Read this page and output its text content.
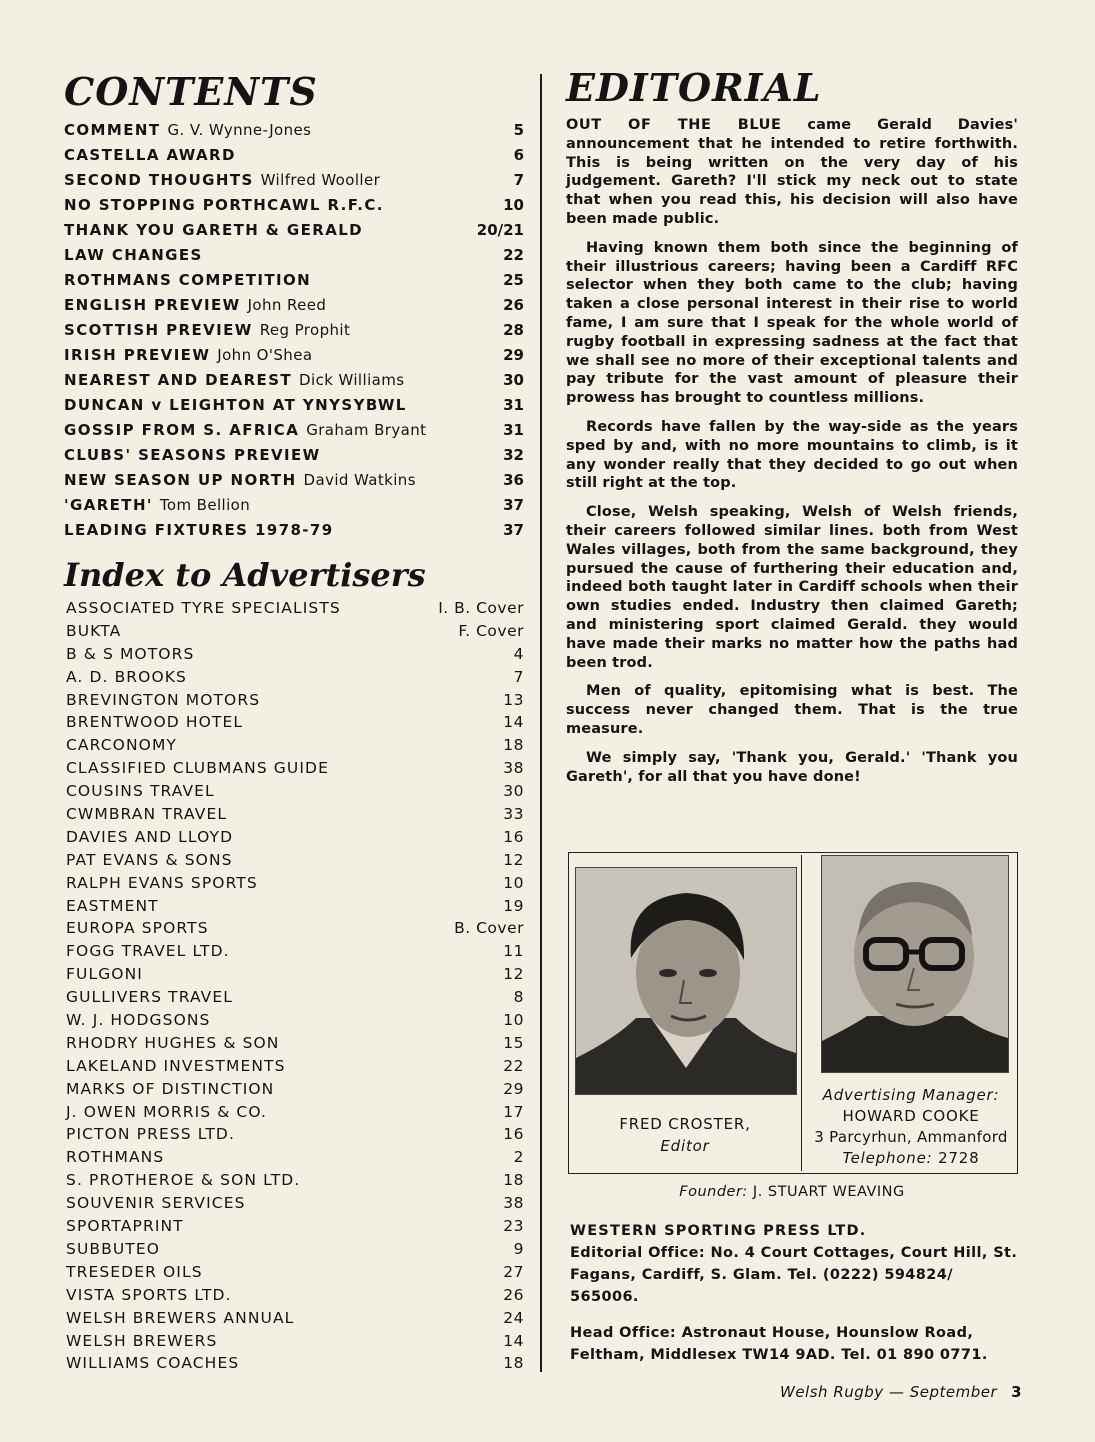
CONTENTS
COMMENT G. V. Wynne-Jones	5
CASTELLA AWARD	6
SECOND THOUGHTS Wilfred Wooller	7
NO STOPPING PORTHCAWL R.F.C.	10
THANK YOU GARETH & GERALD	20/21
LAW CHANGES	22
ROTHMANS COMPETITION	25
ENGLISH PREVIEW John Reed	26
SCOTTISH PREVIEW Reg Prophit	28
IRISH PREVIEW John O'Shea	29
NEAREST AND DEAREST Dick Williams	30
DUNCAN v LEIGHTON AT YNYSYBWL	31
GOSSIP FROM S. AFRICA Graham Bryant	31
CLUBS' SEASONS PREVIEW	32
NEW SEASON UP NORTH David Watkins	36
'GARETH' Tom Bellion	37
LEADING FIXTURES 1978-79	37
Index to Advertisers
ASSOCIATED TYRE SPECIALISTS	I. B. Cover
BUKTA	F. Cover
B & S MOTORS	4
A. D. BROOKS	7
BREVINGTON MOTORS	13
BRENTWOOD HOTEL	14
CARCONOMY	18
CLASSIFIED CLUBMANS GUIDE	38
COUSINS TRAVEL	30
CWMBRAN TRAVEL	33
DAVIES AND LLOYD	16
PAT EVANS & SONS	12
RALPH EVANS SPORTS	10
EASTMENT	19
EUROPA SPORTS	B. Cover
FOGG TRAVEL LTD.	11
FULGONI	12
GULLIVERS TRAVEL	8
W. J. HODGSONS	10
RHODRY HUGHES & SON	15
LAKELAND INVESTMENTS	22
MARKS OF DISTINCTION	29
J. OWEN MORRIS & CO.	17
PICTON PRESS LTD.	16
ROTHMANS	2
S. PROTHEROE & SON LTD.	18
SOUVENIR SERVICES	38
SPORTAPRINT	23
SUBBUTEO	9
TRESEDER OILS	27
VISTA SPORTS LTD.	26
WELSH BREWERS ANNUAL	24
WELSH BREWERS	14
WILLIAMS COACHES	18
EDITORIAL

OUT OF THE BLUE came Gerald Davies' announcement that he intended to retire forthwith. This is being written on the very day of his judgement. Gareth? I'll stick my neck out to state that when you read this, his decision will also have been made public.

Having known them both since the beginning of their illustrious careers; having been a Cardiff RFC selector when they both came to the club; having taken a close personal interest in their rise to world fame, I am sure that I speak for the whole world of rugby football in expressing sadness at the fact that we shall see no more of their exceptional talents and pay tribute for the vast amount of pleasure their prowess has brought to countless millions.

Records have fallen by the way-side as the years sped by and, with no more mountains to climb, is it any wonder really that they decided to go out when still right at the top.

Close, Welsh speaking, Welsh of Welsh friends, their careers followed similar lines. both from West Wales villages, both from the same background, they pursued the cause of furthering their education and, indeed both taught later in Cardiff schools when their own studies ended. Industry then claimed Gareth; and ministering sport claimed Gerald. they would have made their marks no matter how the paths had been trod.

Men of quality, epitomising what is best. The success never changed them. That is the true measure.

We simply say, 'Thank you, Gerald.' 'Thank you Gareth', for all that you have done!

FRED CROSTER,
Editor
Advertising Manager:
HOWARD COOKE
3 Parcyrhun, Ammanford
Telephone: 2728
Founder: J. STUART WEAVING
WESTERN SPORTING PRESS LTD.
Editorial Office: No. 4 Court Cottages, Court Hill, St. Fagans, Cardiff, S. Glam. Tel. (0222) 594824/ 565006.
Head Office: Astronaut House, Hounslow Road, Feltham, Middlesex TW14 9AD. Tel. 01 890 0771.
Welsh Rugby — September 3
